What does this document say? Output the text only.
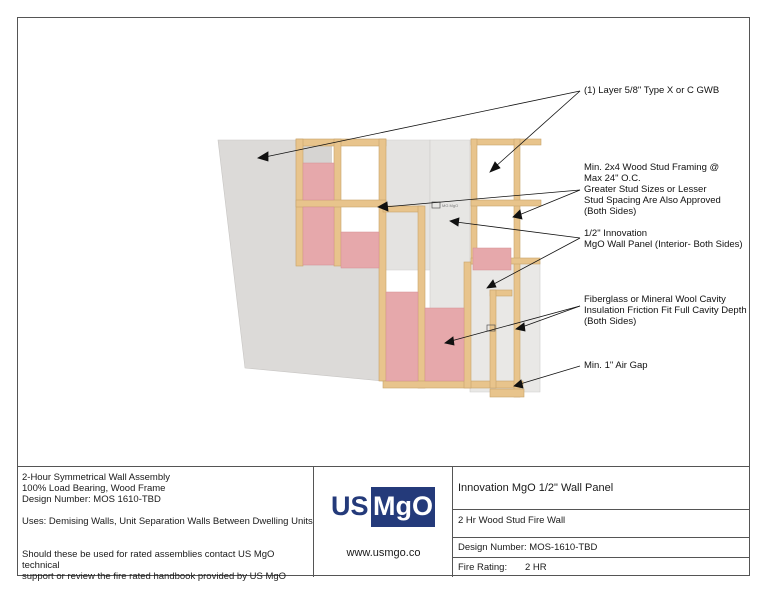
MG MgO
(1) Layer 5/8" Type X or C GWB
Min. 2x4 Wood Stud Framing @
Max 24" O.C.
Greater Stud Sizes or Lesser
Stud Spacing Are Also Approved
(Both Sides)
1/2" Innovation
MgO Wall Panel (Interior- Both Sides)
Fiberglass or Mineral Wool Cavity
Insulation Friction Fit Full Cavity Depth
(Both Sides)
Min. 1" Air Gap
2-Hour Symmetrical Wall Assembly
100% Load Bearing, Wood Frame
Design Number: MOS 1610-TBD
Uses: Demising Walls, Unit Separation Walls Between Dwelling Units
Should these be used for rated assemblies contact US MgO technical
support or review the fire rated handbook provided by US MgO
US MgO
www.usmgo.co
Innovation MgO 1/2" Wall Panel
2 Hr Wood Stud Fire Wall
Design Number: MOS-1610-TBD
Fire Rating: 2 HR
